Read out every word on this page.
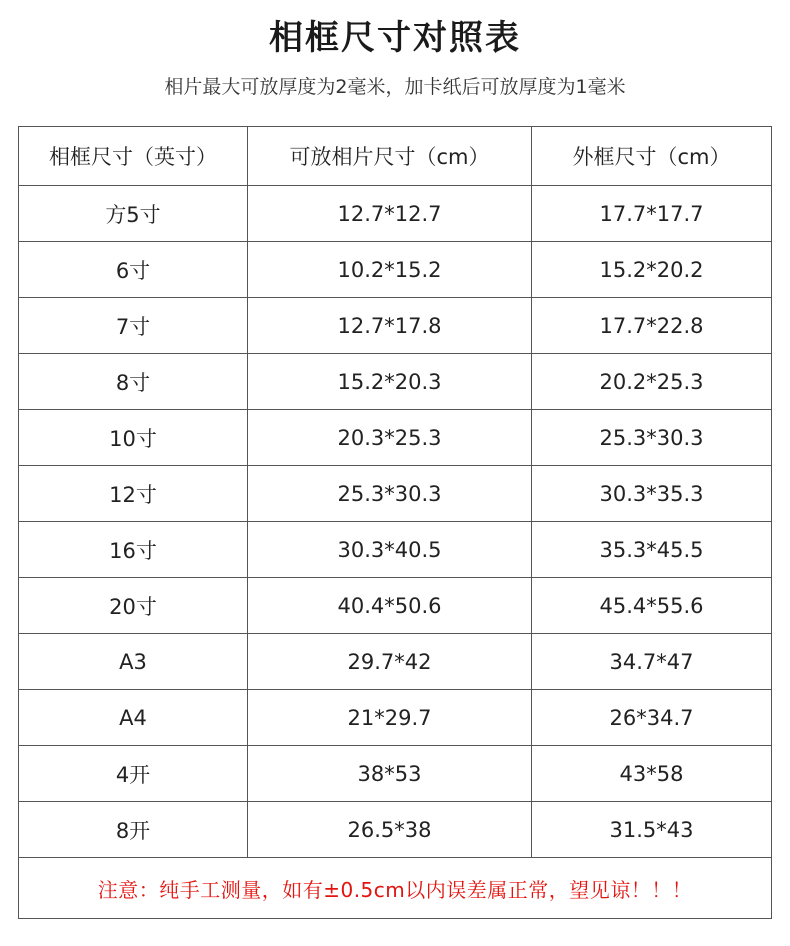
相框尺寸对照表
相片最大可放厚度为2毫米，加卡纸后可放厚度为1毫米
相框尺寸（英寸）	可放相片尺寸（cm）	外框尺寸（cm）
方5寸	12.7*12.7	17.7*17.7
6寸	10.2*15.2	15.2*20.2
7寸	12.7*17.8	17.7*22.8
8寸	15.2*20.3	20.2*25.3
10寸	20.3*25.3	25.3*30.3
12寸	25.3*30.3	30.3*35.3
16寸	30.3*40.5	35.3*45.5
20寸	40.4*50.6	45.4*55.6
A3	29.7*42	34.7*47
A4	21*29.7	26*34.7
4开	38*53	43*58
8开	26.5*38	31.5*43
注意：纯手工测量，如有±0.5cm以内误差属正常，望见谅！！！		
